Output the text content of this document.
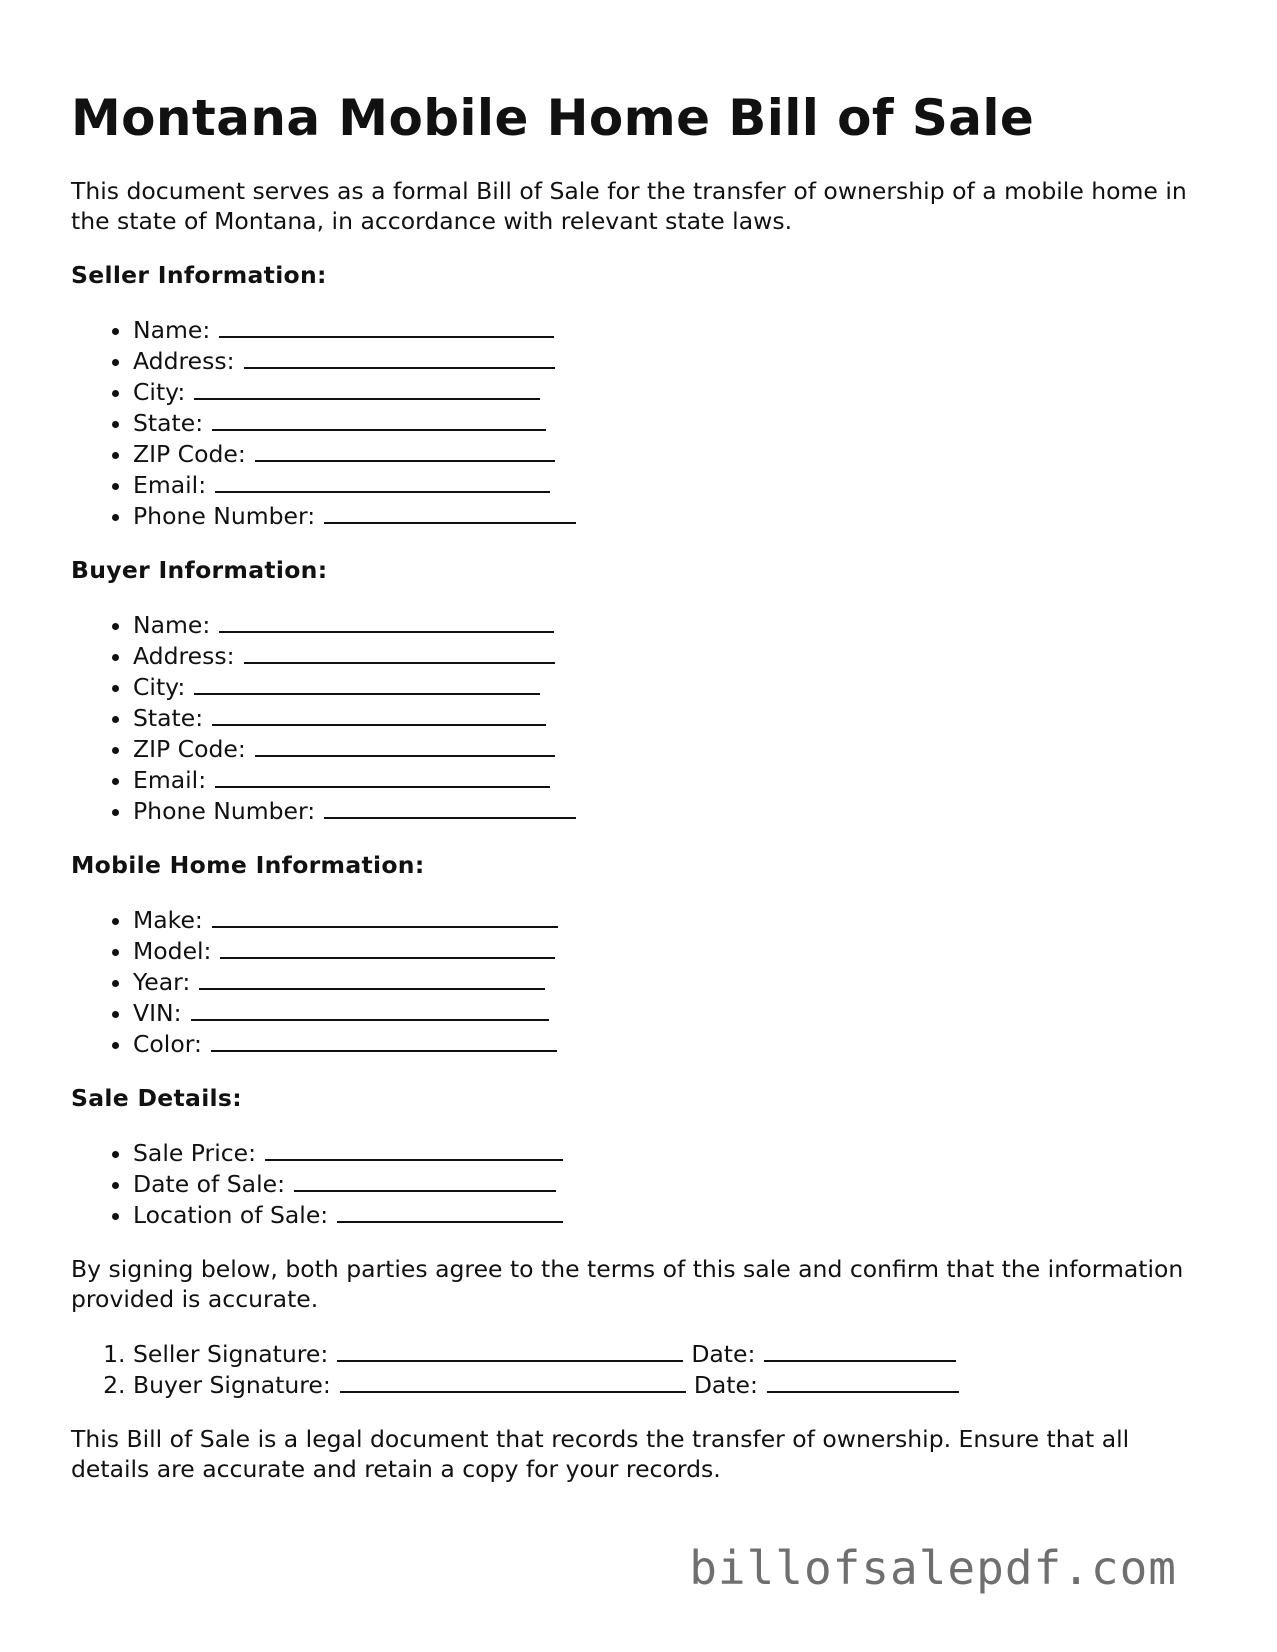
Montana Mobile Home Bill of Sale

This document serves as a formal Bill of Sale for the transfer of ownership of a mobile home in the state of Montana, in accordance with relevant state laws.

Seller Information:
• Name:
• Address:
• City:
• State:
• ZIP Code:
• Email:
• Phone Number:
Buyer Information:
• Name:
• Address:
• City:
• State:
• ZIP Code:
• Email:
• Phone Number:
Mobile Home Information:
• Make:
• Model:
• Year:
• VIN:
• Color:
Sale Details:
• Sale Price:
• Date of Sale:
• Location of Sale:

By signing below, both parties agree to the terms of this sale and confirm that the information provided is accurate.

1. Seller Signature:	Date:
2. Buyer Signature:	Date:

This Bill of Sale is a legal document that records the transfer of ownership. Ensure that all details are accurate and retain a copy for your records.

billofsalepdf.com
